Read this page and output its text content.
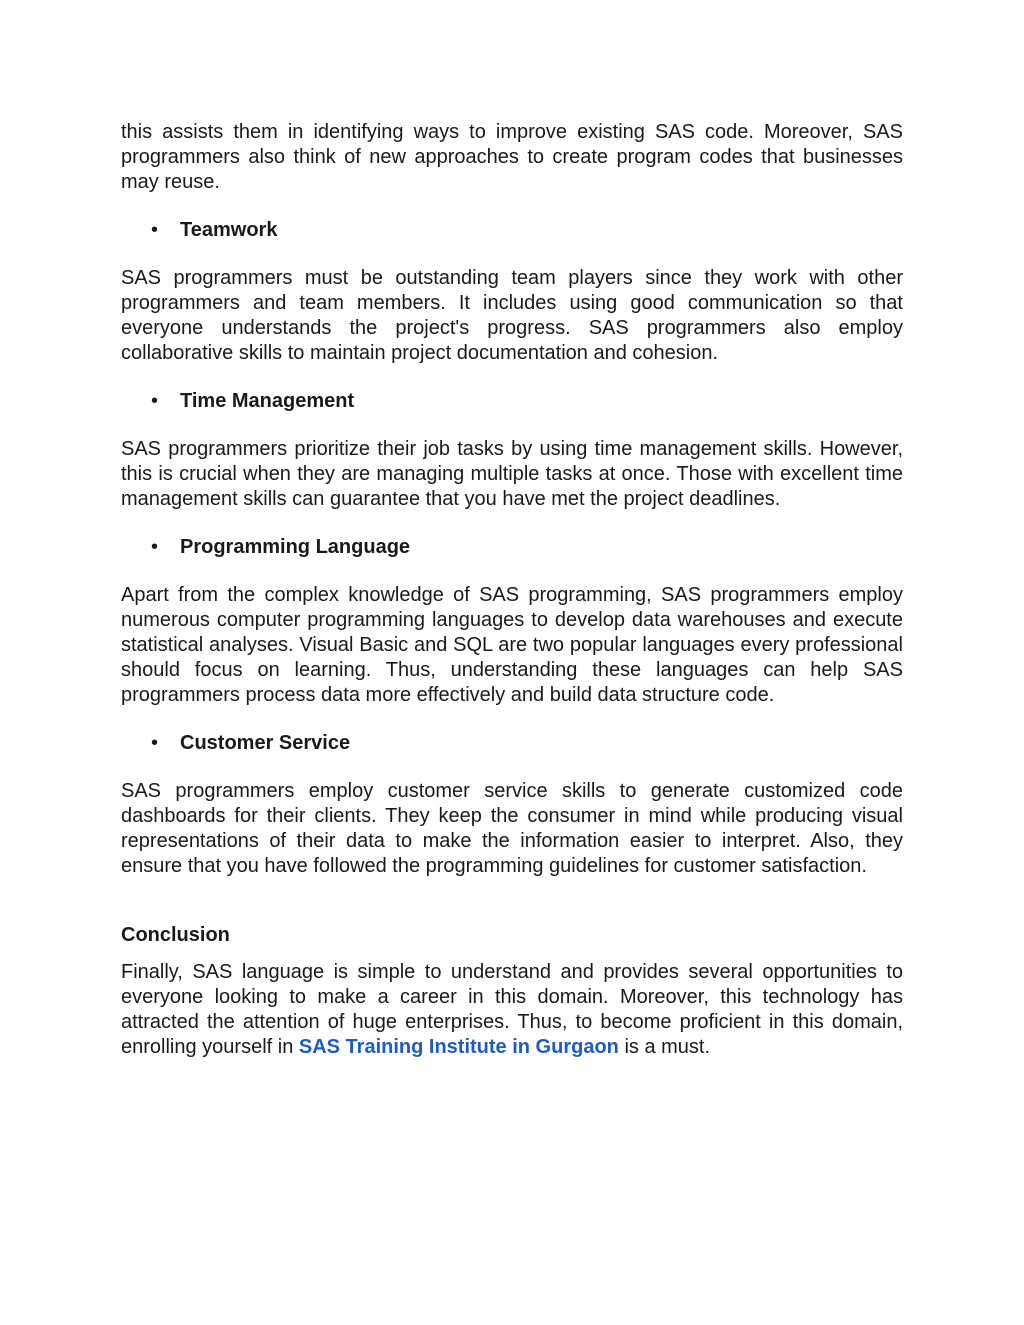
this assists them in identifying ways to improve existing SAS code. Moreover, SAS programmers also think of new approaches to create program codes that businesses may reuse.

• Teamwork

SAS programmers must be outstanding team players since they work with other programmers and team members. It includes using good communication so that everyone understands the project's progress. SAS programmers also employ collaborative skills to maintain project documentation and cohesion.

• Time Management

SAS programmers prioritize their job tasks by using time management skills. However, this is crucial when they are managing multiple tasks at once. Those with excellent time management skills can guarantee that you have met the project deadlines.

• Programming Language

Apart from the complex knowledge of SAS programming, SAS programmers employ numerous computer programming languages to develop data warehouses and execute statistical analyses. Visual Basic and SQL are two popular languages every professional should focus on learning. Thus, understanding these languages can help SAS programmers process data more effectively and build data structure code.

• Customer Service

SAS programmers employ customer service skills to generate customized code dashboards for their clients. They keep the consumer in mind while producing visual representations of their data to make the information easier to interpret. Also, they ensure that you have followed the programming guidelines for customer satisfaction.

Conclusion

Finally, SAS language is simple to understand and provides several opportunities to everyone looking to make a career in this domain. Moreover, this technology has attracted the attention of huge enterprises. Thus, to become proficient in this domain, enrolling yourself in SAS Training Institute in Gurgaon is a must.
